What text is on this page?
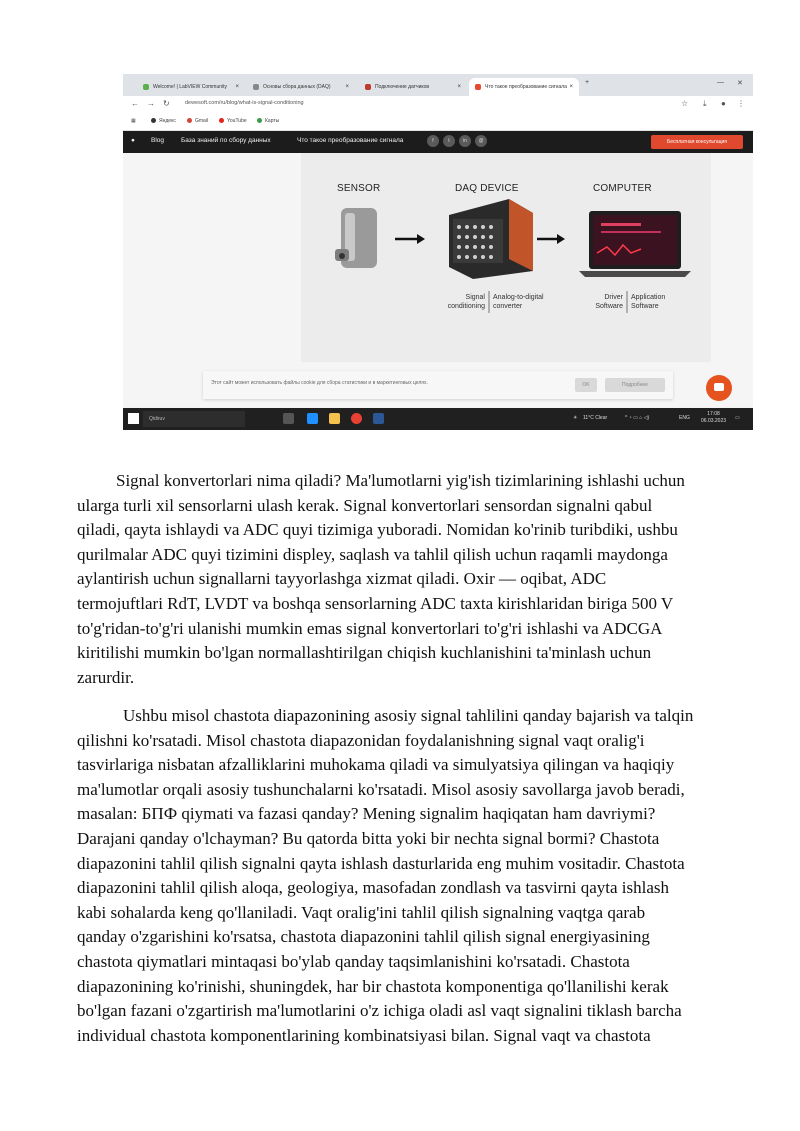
Welcome! | LabVIEW Community ×	Основы сбора данных (DAQ) ×	Подключение датчиков	×	Что такое преобразование сигнала ×
+	— ✕
← → ↻	dewesoft.com/ru/blog/what-is-signal-conditioning	☆ ⤓ ● ⋮
▦	Яндекс	Gmail	YouTube	Карты
● Blog	База знаний по сбору данных	Что такое преобразование сигнала	f	t	in	@	Бесплатная консультация
SENSOR	DAQ DEVICE	COMPUTER
Signal
conditioning
Analog-to-digital
converter
Driver
Software
Application
Software
Этот сайт может использовать файлы cookie для сбора статистики и в маркетинговых целях.	OK	Подробнее
Qidiruv	☀ 11°C Clear	^ ◔ ▭ ⌂ ◁)	ENG
17:08
06.03.2023 ▭
Signal konvertorlari nima qiladi? Ma'lumotlarni yig'ish tizimlarining ishlashi uchun
ularga turli xil sensorlarni ulash kerak. Signal konvertorlari sensordan signalni qabul
qiladi, qayta ishlaydi va ADC quyi tizimiga yuboradi. Nomidan ko'rinib turibdiki, ushbu
qurilmalar ADC quyi tizimini displey, saqlash va tahlil qilish uchun raqamli maydonga
aylantirish uchun signallarni tayyorlashga xizmat qiladi. Oxir — oqibat, ADC
termojuftlari RdT, LVDT va boshqa sensorlarning ADC taxta kirishlaridan biriga 500 V
to'g'ridan-to'g'ri ulanishi mumkin emas signal konvertorlari to'g'ri ishlashi va ADCGA
kiritilishi mumkin bo'lgan normallashtirilgan chiqish kuchlanishini ta'minlash uchun
zarurdir.
Ushbu misol chastota diapazonining asosiy signal tahlilini qanday bajarish va talqin
qilishni ko'rsatadi. Misol chastota diapazonidan foydalanishning signal vaqt oralig'i
tasvirlariga nisbatan afzalliklarini muhokama qiladi va simulyatsiya qilingan va haqiqiy
ma'lumotlar orqali asosiy tushunchalarni ko'rsatadi. Misol asosiy savollarga javob beradi,
masalan: БПФ qiymati va fazasi qanday? Mening signalim haqiqatan ham davriymi?
Darajani qanday o'lchayman? Bu qatorda bitta yoki bir nechta signal bormi? Chastota
diapazonini tahlil qilish signalni qayta ishlash dasturlarida eng muhim vositadir. Chastota
diapazonini tahlil qilish aloqa, geologiya, masofadan zondlash va tasvirni qayta ishlash
kabi sohalarda keng qo'llaniladi. Vaqt oralig'ini tahlil qilish signalning vaqtga qarab
qanday o'zgarishini ko'rsatsa, chastota diapazonini tahlil qilish signal energiyasining
chastota qiymatlari mintaqasi bo'ylab qanday taqsimlanishini ko'rsatadi. Chastota
diapazonining ko'rinishi, shuningdek, har bir chastota komponentiga qo'llanilishi kerak
bo'lgan fazani o'zgartirish ma'lumotlarini o'z ichiga oladi asl vaqt signalini tiklash barcha
individual chastota komponentlarining kombinatsiyasi bilan. Signal vaqt va chastota
